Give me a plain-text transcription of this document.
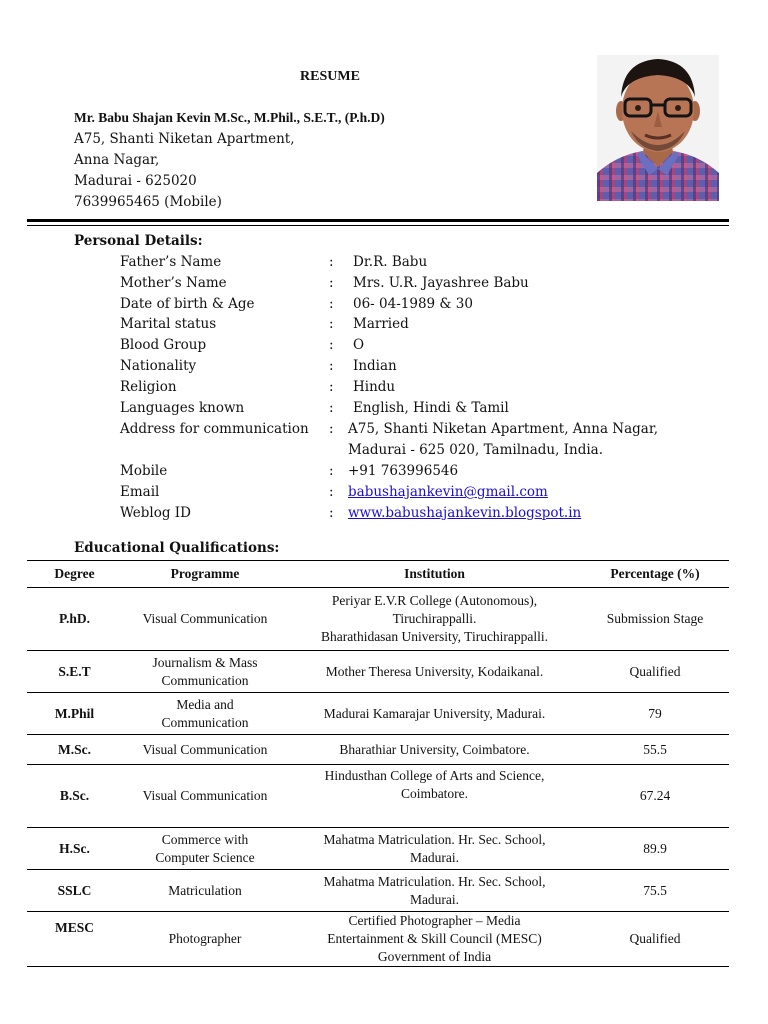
RESUME
Mr. Babu Shajan Kevin M.Sc., M.Phil., S.E.T., (P.h.D)
A75, Shanti Niketan Apartment,
Anna Nagar,
Madurai - 625020
7639965465 (Mobile)
Personal Details:
Father’s Name	: Dr.R. Babu
Mother’s Name	: Mrs. U.R. Jayashree Babu
Date of birth & Age	: 06- 04-1989 & 30
Marital status	: Married
Blood Group	: O
Nationality	: Indian
Religion	: Hindu
Languages known	: English, Hindi & Tamil
Address for communication : A75, Shanti Niketan Apartment, Anna Nagar,
Madurai - 625 020, Tamilnadu, India.
Mobile	: +91 763996546
Email	: babushajankevin@gmail.com
Weblog ID	: www.babushajankevin.blogspot.in
Educational Qualifications:
Degree	Programme	Institution	Percentage (%)
P.hD.	Visual Communication	Periyar E.V.R College (Autonomous),
Tiruchirappalli.
Bharathidasan University, Tiruchirappalli.	Submission Stage
S.E.T	Journalism & Mass Communication	Mother Theresa University, Kodaikanal.	Qualified
M.Phil	Media and Communication	Madurai Kamarajar University, Madurai.	79
M.Sc.	Visual Communication	Bharathiar University, Coimbatore.	55.5
B.Sc.	Visual Communication	Hindusthan College of Arts and Science,
Coimbatore.	67.24
H.Sc.	Commerce with Computer Science	Mahatma Matriculation. Hr. Sec. School,
Madurai.	89.9
SSLC	Matriculation	Mahatma Matriculation. Hr. Sec. School,
Madurai.	75.5
MESC	Photographer	Certified Photographer – Media
Entertainment & Skill Council (MESC)
Government of India	Qualified
